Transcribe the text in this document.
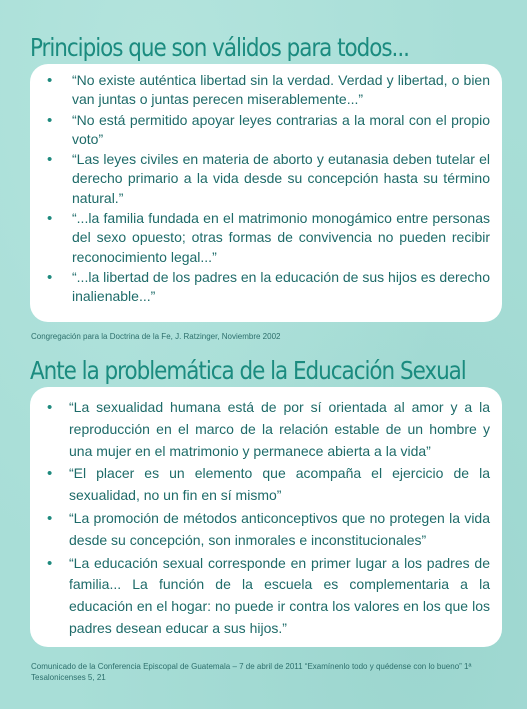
Principios que son válidos para todos...
• “No existe auténtica libertad sin la verdad. Verdad y libertad, o bien van juntas o juntas perecen miserablemente...”
• “No está permitido apoyar leyes contrarias a la moral con el propio voto”
• “Las leyes civiles en materia de aborto y eutanasia deben tutelar el derecho primario a la vida desde su concepción hasta su término natural.”
• “...la familia fundada en el matrimonio monogámico entre personas del sexo opuesto; otras formas de convivencia no pueden recibir reconocimiento legal...”
• “...la libertad de los padres en la educación de sus hijos es derecho inalienable...”
Congregación para la Doctrina de la Fe, J. Ratzinger, Noviembre 2002
Ante la problemática de la Educación Sexual
• “La sexualidad humana está de por sí orientada al amor y a la reproducción en el marco de la relación estable de un hombre y una mujer en el matrimonio y permanece abierta a la vida”
• “El placer es un elemento que acompaña el ejercicio de la sexualidad, no un fin en sí mismo”
• “La promoción de métodos anticonceptivos que no protegen la vida desde su concepción, son inmorales e inconstitucionales”
• “La educación sexual corresponde en primer lugar a los padres de familia... La función de la escuela es complementaria a la educación en el hogar: no puede ir contra los valores en los que los padres desean educar a sus hijos.”
Comunicado de la Conferencia Episcopal de Guatemala – 7 de abril de 2011 “Examínenlo todo y quédense con lo bueno” 1ª Tesalonicenses 5, 21
